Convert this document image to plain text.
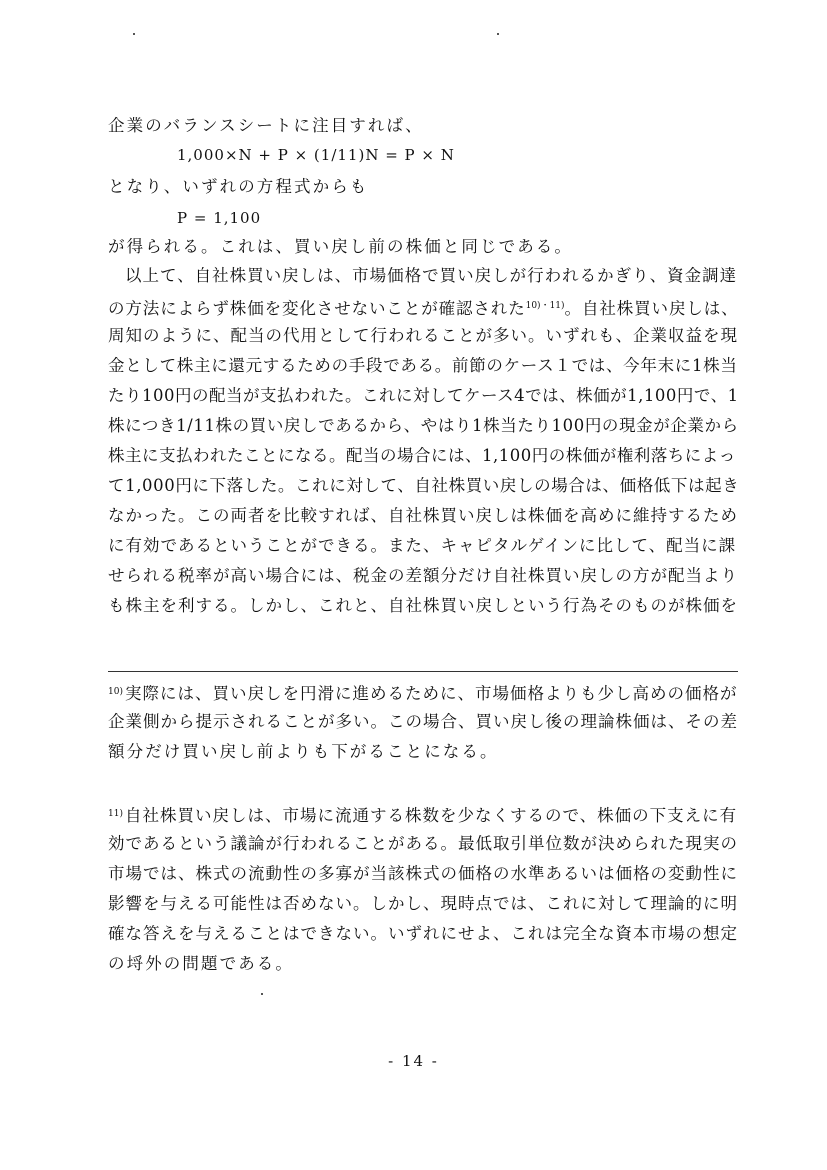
企業のバランスシートに注目すれば、
1,000×N + P × (1/11)N = P × N
となり、いずれの方程式からも
P = 1,100
が得られる。これは、買い戻し前の株価と同じである。
以上て、自社株買い戻しは、市場価格で買い戻しが行われるかぎり、資金調達
の方法によらず株価を変化させないことが確認された$^{10)・11)}$。自社株買い戻しは、
周知のように、配当の代用として行われることが多い。いずれも、企業収益を現
金として株主に還元するための手段である。前節のケース１では、今年末に1株当
たり100円の配当が支払われた。これに対してケース4では、株価が1,100円で、1
株につき1/11株の買い戻しであるから、やはり1株当たり100円の現金が企業から
株主に支払われたことになる。配当の場合には、1,100円の株価が権利落ちによっ
て1,000円に下落した。これに対して、自社株買い戻しの場合は、価格低下は起き
なかった。この両者を比較すれば、自社株買い戻しは株価を高めに維持するため
に有効であるということができる。また、キャピタルゲインに比して、配当に課
せられる税率が高い場合には、税金の差額分だけ自社株買い戻しの方が配当より
も株主を利する。しかし、これと、自社株買い戻しという行為そのものが株価を
$^{10)}$ 実際には、買い戻しを円滑に進めるために、市場価格よりも少し高めの価格が
企業側から提示されることが多い。この場合、買い戻し後の理論株価は、その差
額分だけ買い戻し前よりも下がることになる。
$^{11)}$ 自社株買い戻しは、市場に流通する株数を少なくするので、株価の下支えに有
効であるという議論が行われることがある。最低取引単位数が決められた現実の
市場では、株式の流動性の多寡が当該株式の価格の水準あるいは価格の変動性に
影響を与える可能性は否めない。しかし、現時点では、これに対して理論的に明
確な答えを与えることはできない。いずれにせよ、これは完全な資本市場の想定
の埒外の問題である。
- 14 -
